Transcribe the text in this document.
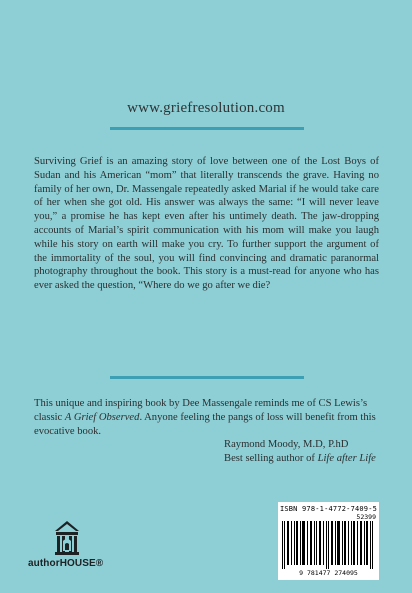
www.griefresolution.com

Surviving Grief is an amazing story of love between one of the Lost Boys of Sudan and his American “mom” that literally transcends the grave. Having no family of her own, Dr. Massengale repeatedly asked Marial if he would take care of her when she got old. His answer was always the same: “I will never leave you,” a promise he has kept even after his untimely death. The jaw-dropping accounts of Marial’s spirit communication with his mom will make you laugh while his story on earth will make you cry. To further support the argument of the immortality of the soul, you will find convincing and dramatic paranormal photography throughout the book. This story is a must-read for anyone who has ever asked the question, “Where do we go after we die?

This unique and inspiring book by Dee Massengale reminds me of CS Lewis’s classic A Grief Observed. Anyone feeling the pangs of loss will benefit from this evocative book.

Raymond Moody, M.D, P.hD
Best selling author of Life after Life
authorHOUSE®
ISBN 978-1-4772-7409-5
52399
9 781477 274095
